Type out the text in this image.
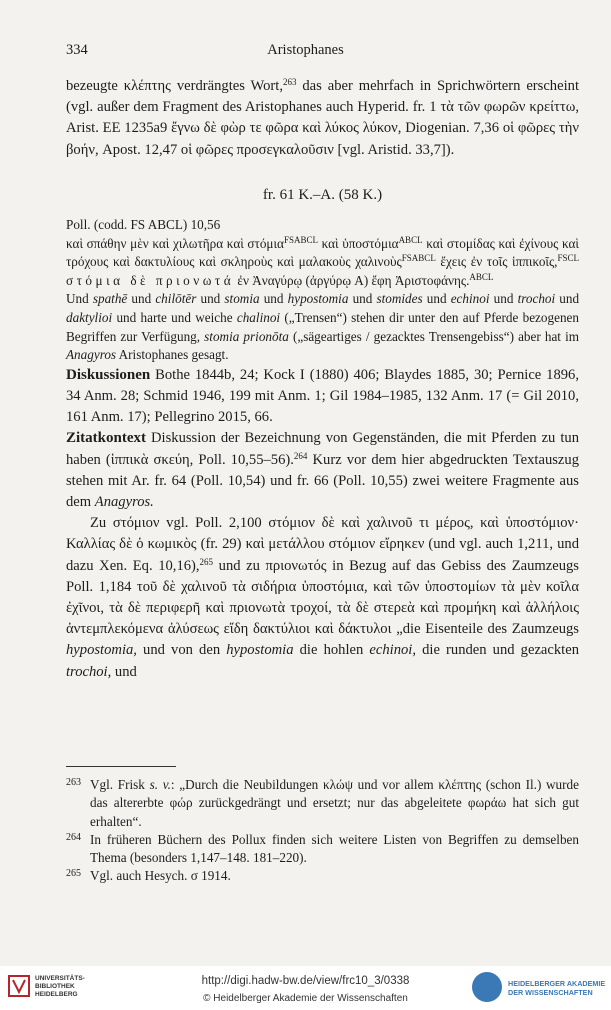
334	Aristophanes

bezeugte κλέπτης verdrängtes Wort,$^{263}$ das aber mehrfach in Sprichwörtern erscheint (vgl. außer dem Fragment des Aristophanes auch Hyperid. fr. 1 τὰ τῶν φωρῶν κρείττω, Arist. EE 1235a9 ἔγνω δὲ φὼρ τε φῶρα καὶ λύκος λύκον, Diogenian. 7,36 οἱ φῶρες τὴν βοήν, Apost. 12,47 οἱ φῶρες προσεγκαλοῦσιν [vgl. Aristid. 33,7]).

fr. 61 K.–A. (58 K.)

Poll. (codd. FS ABCL) 10,56

καὶ σπάθην μὲν καὶ χιλωτῆρα καὶ στόμια$^{FSABCL}$ καὶ ὑποστόμια$^{ABCL}$ καὶ στομίδας καὶ ἐχίνους καὶ τρόχους καὶ δακτυλίους καὶ σκληροὺς καὶ μαλακοὺς χαλινοὺς$^{FSABCL}$ ἔχεις ἐν τοῖς ἱππικοῖς,$^{FSCL}$ στόμια δὲ πριονωτά ἐν Ἀναγύρῳ (ἀργύρῳ A) ἔφη Ἀριστοφάνης.$^{ABCL}$

Und spathē und chilōtēr und stomia und hypostomia und stomides und echinoi und trochoi und daktylioi und harte und weiche chalinoi („Trensen“) stehen dir unter den auf Pferde bezogenen Begriffen zur Verfügung, stomia prionōta („sägeartiges / gezacktes Trensengebiss“) aber hat im Anagyros Aristophanes gesagt.

Diskussionen Bothe 1844b, 24; Kock I (1880) 406; Blaydes 1885, 30; Pernice 1896, 34 Anm. 28; Schmid 1946, 199 mit Anm. 1; Gil 1984–1985, 132 Anm. 17 (= Gil 2010, 161 Anm. 17); Pellegrino 2015, 66.

Zitatkontext Diskussion der Bezeichnung von Gegenständen, die mit Pferden zu tun haben (ἱππικὰ σκεύη, Poll. 10,55–56).$^{264}$ Kurz vor dem hier abgedruckten Textauszug stehen mit Ar. fr. 64 (Poll. 10,54) und fr. 66 (Poll. 10,55) zwei weitere Fragmente aus dem Anagyros.

Zu στόμιον vgl. Poll. 2,100 στόμιον δὲ καὶ χαλινοῦ τι μέρος, καὶ ὑποστόμιον· Καλλίας δὲ ὁ κωμικὸς (fr. 29) καὶ μετάλλου στόμιον εἴρηκεν (und vgl. auch 1,211, und dazu Xen. Eq. 10,16),$^{265}$ und zu πριονωτός in Bezug auf das Gebiss des Zaumzeugs Poll. 1,184 τοῦ δὲ χαλινοῦ τὰ σιδήρια ὑποστόμια, καὶ τῶν ὑποστομίων τὰ μὲν κοῖλα ἐχῖνοι, τὰ δὲ περιφερῆ καὶ πριονωτὰ τροχοί, τὰ δὲ στερεὰ καὶ προμήκη καὶ ἀλλήλοις ἀντεμπλεκόμενα ἀλύσεως εἴδη δακτύλιοι καὶ δάκτυλοι „die Eisenteile des Zaumzeugs hypostomia, und von den hypostomia die hohlen echinoi, die runden und gezackten trochoi, und

263 Vgl. Frisk s. v.: „Durch die Neubildungen κλώψ und vor allem κλέπτης (schon Il.) wurde das altererbte φώρ zurückgedrängt und ersetzt; nur das abgeleitete φωράω hat sich gut erhalten“.
264 In früheren Büchern des Pollux finden sich weitere Listen von Begriffen zu demselben Thema (besonders 1,147–148. 181–220).
265 Vgl. auch Hesych. σ 1914.
UNIVERSITÄTS-
BIBLIOTHEK
HEIDELBERG
http://digi.hadw-bw.de/view/frc10_3/0338
© Heidelberger Akademie der Wissenschaften
HEIDELBERGER AKADEMIE
DER WISSENSCHAFTEN
